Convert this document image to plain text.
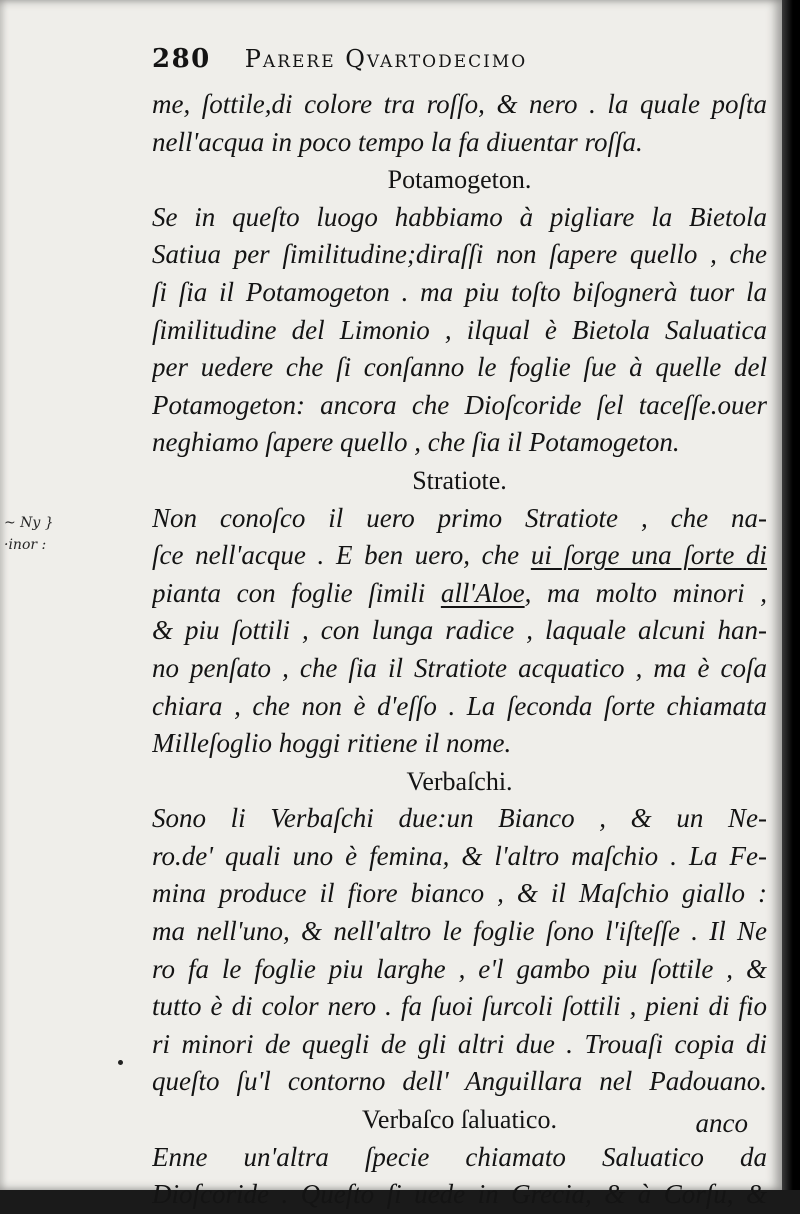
280 Parere Qvartodecimo
me, ſottile,di colore tra roſſo, & nero . la quale poſta
nell'acqua in poco tempo la fa diuentar roſſa.
Potamogeton.
Se in queſto luogo habbiamo à pigliare la Bietola
Satiua per ſimilitudine;diraſſi non ſapere quello , che
ſi ſia il Potamogeton . ma piu toſto biſognerà tuor la
ſimilitudine del Limonio , ilqual è Bietola Saluatica
per uedere che ſi conſanno le foglie ſue à quelle del
Potamogeton: ancora che Dioſcoride ſel taceſſe.ouer
neghiamo ſapere quello , che ſia il Potamogeton.
Stratiote.
Non conoſco il uero primo Stratiote , che na-
ſce nell'acque . E ben uero, che ui ſorge una ſorte di
pianta con foglie ſimili all'Aloe, ma molto minori ,
& piu ſottili , con lunga radice , laquale alcuni han-
no penſato , che ſia il Stratiote acquatico , ma è coſa
chiara , che non è d'eſſo . La ſeconda ſorte chiamata
Milleſoglio hoggi ritiene il nome.
Verbaſchi.
Sono li Verbaſchi due:un Bianco , & un Ne-
ro.de' quali uno è femina, & l'altro maſchio . La Fe-
mina produce il fiore bianco , & il Maſchio giallo :
ma nell'uno, & nell'altro le foglie ſono l'iſteſſe . Il Ne
ro fa le foglie piu larghe , e'l gambo piu ſottile , &
tutto è di color nero . fa ſuoi ſurcoli ſottili , pieni di fio
ri minori de quegli de gli altri due . Trouaſi copia di
queſto ſu'l contorno dell' Anguillara nel Padouano.
Verbaſco ſaluatico.
Enne un'altra ſpecie chiamato Saluatico da
Dioſcoride . Queſto ſi uede in Grecia, & à Corſu, &
anco
~ Ny }
·inor :
